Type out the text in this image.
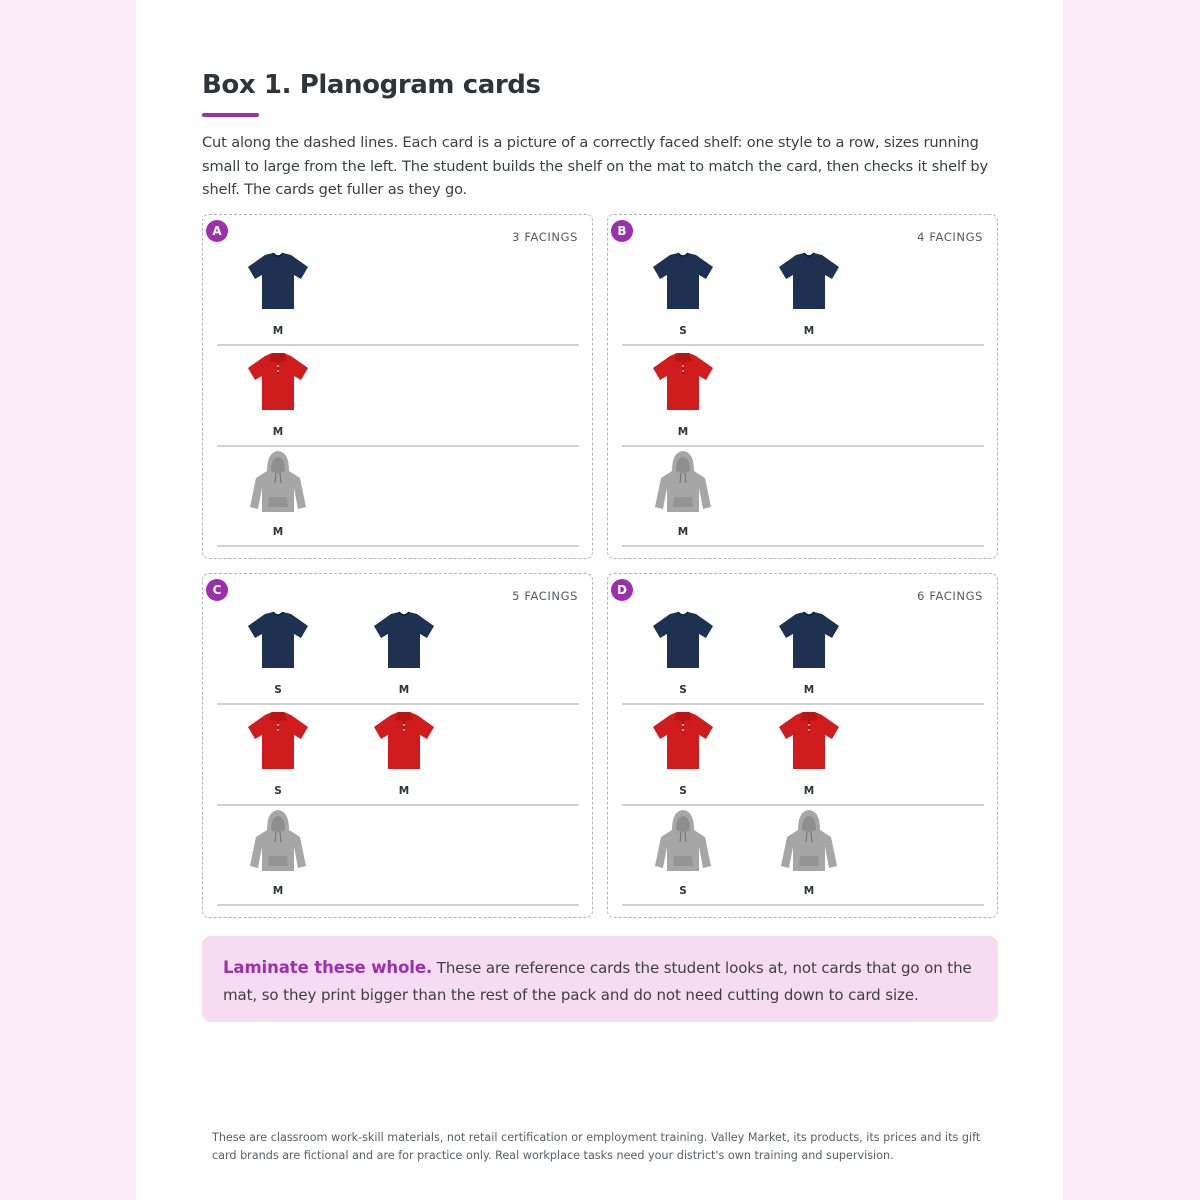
Box 1. Planogram cards

Cut along the dashed lines. Each card is a picture of a correctly faced shelf: one style to a row, sizes running small to large from the left. The student builds the shelf on the mat to match the card, then checks it shelf by shelf. The cards get fuller as they go.

A	3 FACINGS
M
M
M
B	4 FACINGS
S	M
M
M
C	5 FACINGS
S	M
S	M
M
D	6 FACINGS
S	M
S	M
S	M
Laminate these whole. These are reference cards the student looks at, not cards that go on the mat, so they print bigger than the rest of the pack and do not need cutting down to card size.

These are classroom work-skill materials, not retail certification or employment training. Valley Market, its products, its prices and its gift card brands are fictional and are for practice only. Real workplace tasks need your district's own training and supervision.
